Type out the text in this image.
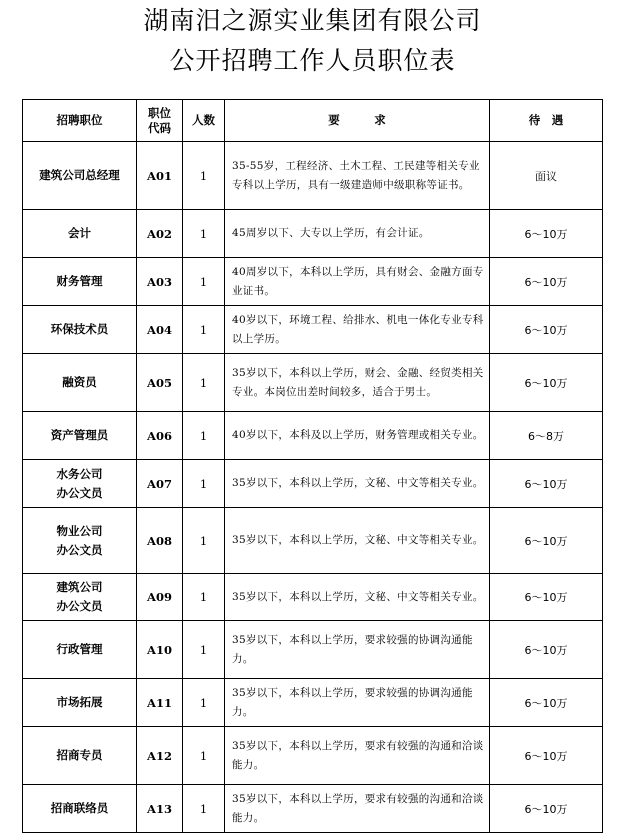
湖南汨之源实业集团有限公司
公开招聘工作人员职位表
招聘职位	职位代码	人数	要　　　求	待　遇
建筑公司总经理	A01	1	35-55岁，工程经济、土木工程、工民建等相关专业专科以上学历，具有一级建造师中级职称等证书。	面议
会计	A02	1	45周岁以下、大专以上学历，有会计证。	6～10万
财务管理	A03	1	40周岁以下，本科以上学历，具有财会、金融方面专业证书。	6～10万
环保技术员	A04	1	40岁以下，环境工程、给排水、机电一体化专业专科以上学历。	6～10万
融资员	A05	1	35岁以下，本科以上学历，财会、金融、经贸类相关专业。本岗位出差时间较多，适合于男士。	6～10万
资产管理员	A06	1	40岁以下，本科及以上学历，财务管理或相关专业。	6～8万
水务公司
办公文员	A07	1	35岁以下，本科以上学历，文秘、中文等相关专业。	6～10万
物业公司
办公文员	A08	1	35岁以下，本科以上学历，文秘、中文等相关专业。	6～10万
建筑公司
办公文员	A09	1	35岁以下，本科以上学历，文秘、中文等相关专业。	6～10万
行政管理	A10	1	35岁以下，本科以上学历，要求较强的协调沟通能力。	6～10万
市场拓展	A11	1	35岁以下，本科以上学历，要求较强的协调沟通能力。	6～10万
招商专员	A12	1	35岁以下，本科以上学历，要求有较强的沟通和洽谈能力。	6～10万
招商联络员	A13	1	35岁以下，本科以上学历，要求有较强的沟通和洽谈能力。	6～10万
